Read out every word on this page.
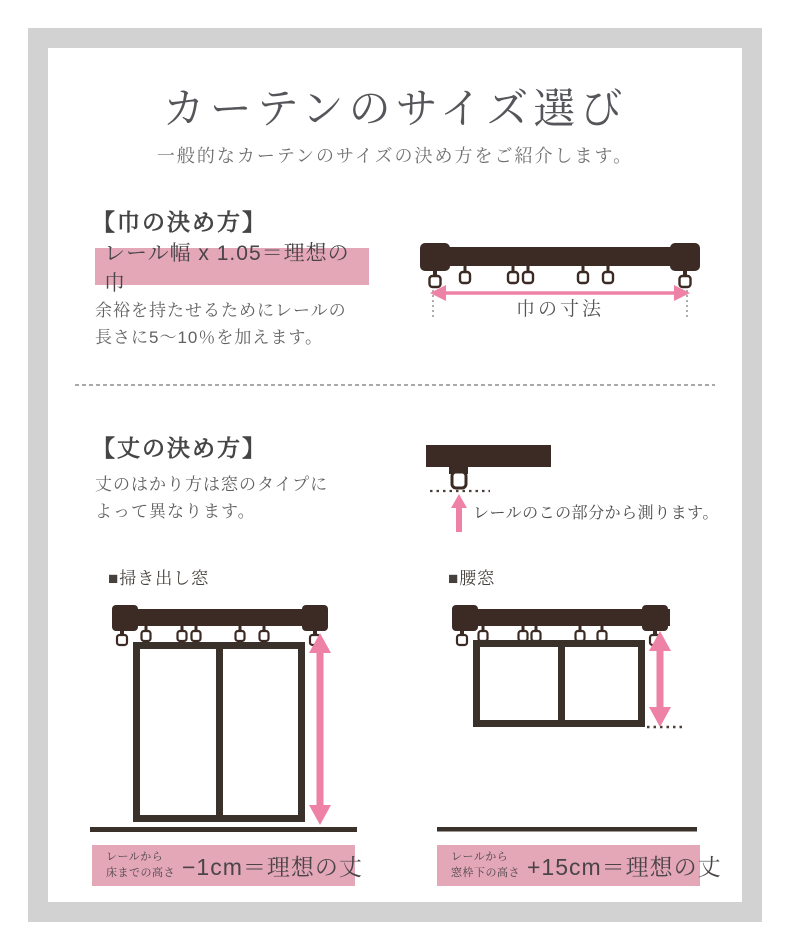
カーテンのサイズ選び

一般的なカーテンのサイズの決め方をご紹介します。

【巾の決め方】
レール幅 x 1.05＝理想の巾

余裕を持たせるためにレールの
長さに5〜10％を加えます。

巾の寸法
【丈の決め方】

丈のはかり方は窓のタイプに
よって異なります。	レールのこの部分から測ります。
■掃き出し窓	■腰窓
レールから
床までの高さ −1cm＝理想の丈	レールから
窓枠下の高さ +15cm＝理想の丈
